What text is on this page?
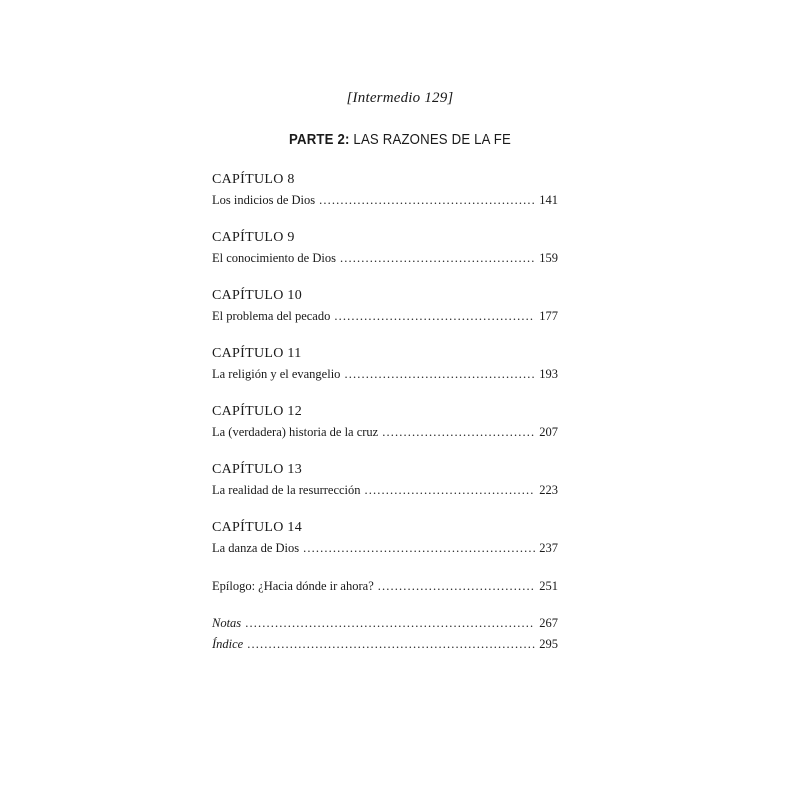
[Intermedio 129]
PARTE 2: LAS RAZONES DE LA FE
CAPÍTULO 8
Los indicios de Dios . . .	141
CAPÍTULO 9
El conocimiento de Dios . . .	159
CAPÍTULO 10
El problema del pecado . . .	177
CAPÍTULO 11
La religión y el evangelio . . .	193
CAPÍTULO 12
La (verdadera) historia de la cruz . . .	207
CAPÍTULO 13
La realidad de la resurrección . . .	223
CAPÍTULO 14
La danza de Dios . . .	237
Epílogo: ¿Hacia dónde ir ahora? . . .	251
Notas . . .	267
Índice . . .	295
